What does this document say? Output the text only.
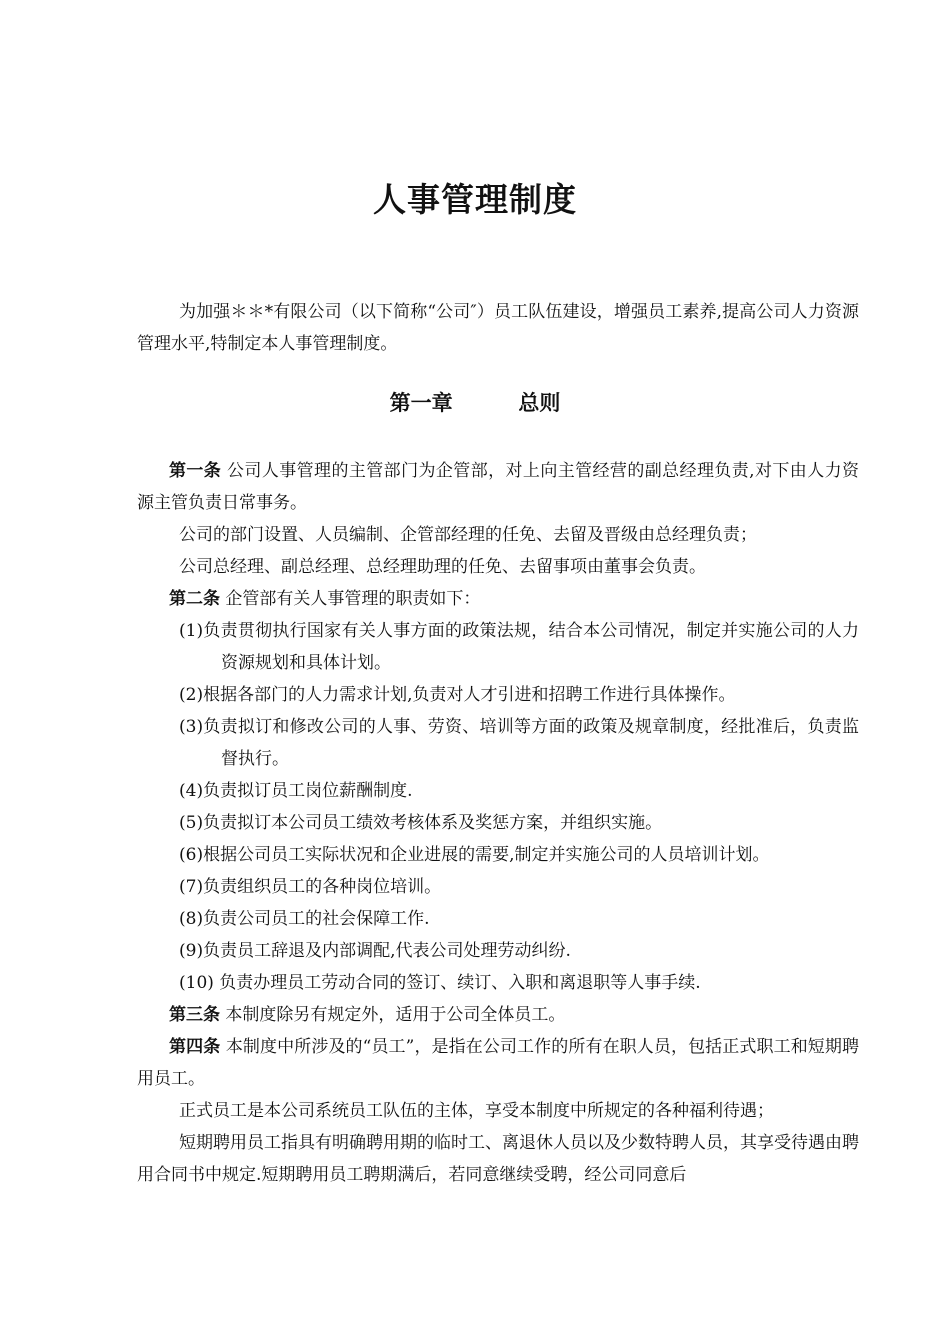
人事管理制度

为加强＊＊*有限公司（以下简称“公司″）员工队伍建设，增强员工素养,提高公司人力资源管理水平,特制定本人事管理制度。

第一章	总则

第一条 公司人事管理的主管部门为企管部，对上向主管经营的副总经理负责,对下由人力资源主管负责日常事务。

公司的部门设置、人员编制、企管部经理的任免、去留及晋级由总经理负责；

公司总经理、副总经理、总经理助理的任免、去留事项由董事会负责。

第二条 企管部有关人事管理的职责如下：

(1)负责贯彻执行国家有关人事方面的政策法规，结合本公司情况，制定并实施公司的人力资源规划和具体计划。

(2)根据各部门的人力需求计划,负责对人才引进和招聘工作进行具体操作。

(3)负责拟订和修改公司的人事、劳资、培训等方面的政策及规章制度，经批准后，负责监督执行。

(4)负责拟订员工岗位薪酬制度.

(5)负责拟订本公司员工绩效考核体系及奖惩方案，并组织实施。

(6)根据公司员工实际状况和企业进展的需要,制定并实施公司的人员培训计划。

(7)负责组织员工的各种岗位培训。

(8)负责公司员工的社会保障工作.

(9)负责员工辞退及内部调配,代表公司处理劳动纠纷.

(10) 负责办理员工劳动合同的签订、续订、入职和离退职等人事手续.

第三条 本制度除另有规定外，适用于公司全体员工。

第四条 本制度中所涉及的“员工”，是指在公司工作的所有在职人员，包括正式职工和短期聘用员工。

正式员工是本公司系统员工队伍的主体，享受本制度中所规定的各种福利待遇；

短期聘用员工指具有明确聘用期的临时工、离退休人员以及少数特聘人员，其享受待遇由聘用合同书中规定.短期聘用员工聘期满后，若同意继续受聘，经公司同意后
